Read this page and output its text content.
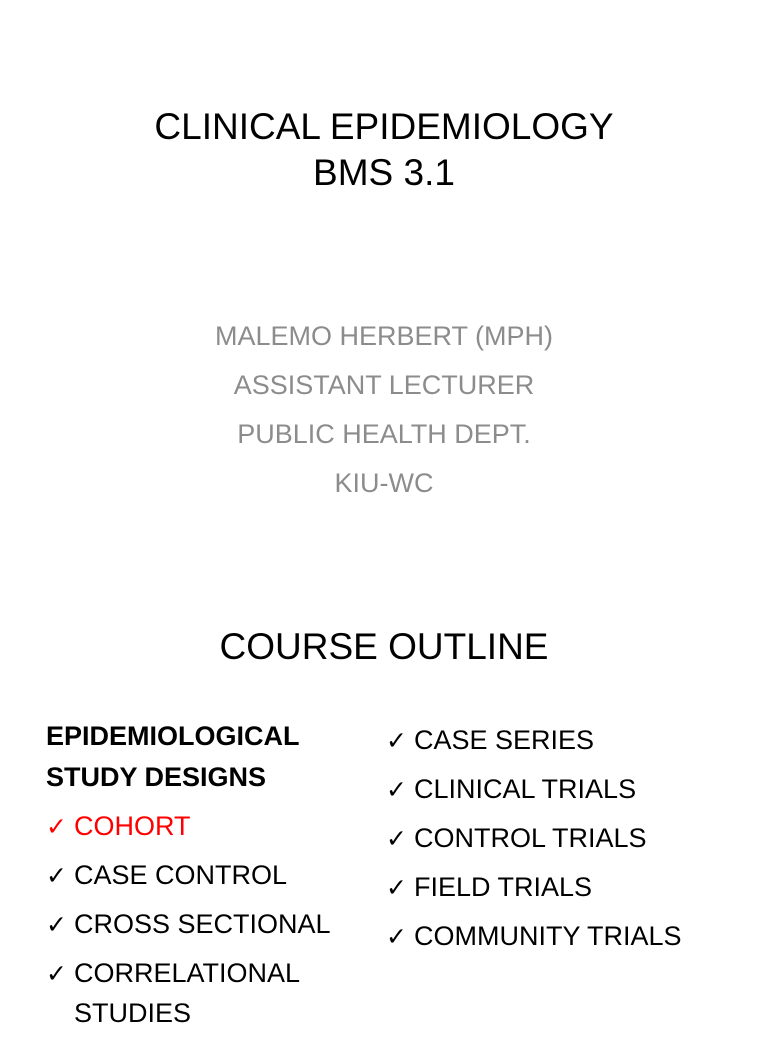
CLINICAL EPIDEMIOLOGY
BMS 3.1
MALEMO HERBERT (MPH)
ASSISTANT LECTURER
PUBLIC HEALTH DEPT.
KIU-WC
COURSE OUTLINE
EPIDEMIOLOGICAL
STUDY DESIGNS
✓ COHORT
✓ CASE CONTROL
✓ CROSS SECTIONAL
✓ CORRELATIONAL STUDIES
✓ CASE SERIES
✓ CLINICAL TRIALS
✓ CONTROL TRIALS
✓ FIELD TRIALS
✓ COMMUNITY TRIALS
